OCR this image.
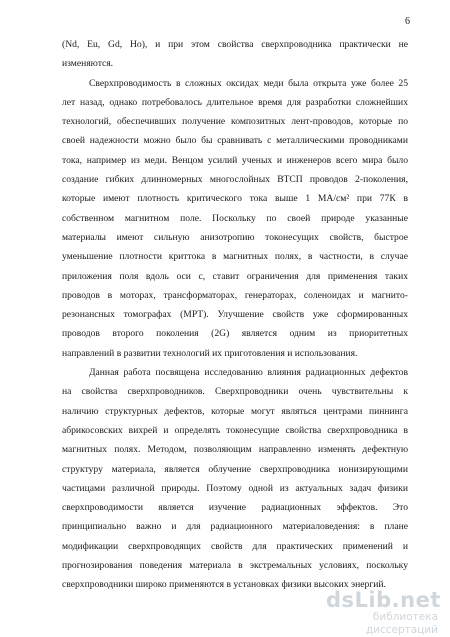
6
(Nd, Eu, Gd, Ho), и при этом свойства сверхпроводника практически не
изменяются.
Сверхпроводимость в сложных оксидах меди была открыта уже более 25
лет назад, однако потребовалось длительное время для разработки сложнейших
технологий, обеспечивших получение композитных лент-проводов, которые по
своей надежности можно было бы сравнивать с металлическими проводниками
тока, например из меди. Венцом усилий ученых и инженеров всего мира было
создание гибких длинномерных многослойных ВТСП проводов 2-поколения,
которые имеют плотность критического тока выше 1 MA/см² при 77К в
собственном магнитном поле. Поскольку по своей природе указанные
материалы имеют сильную анизотропию токонесущих свойств, быстрое
уменьшение плотности криттока в магнитных полях, в частности, в случае
приложения поля вдоль оси c, ставит ограничения для применения таких
проводов в моторах, трансформаторах, генераторах, соленоидах и магнито-
резонансных томографах (МРТ). Улучшение свойств уже сформированных
проводов второго поколения (2G) является одним из приоритетных
направлений в развитии технологий их приготовления и использования.
Данная работа посвящена исследованию влияния радиационных дефектов
на свойства сверхпроводников. Сверхпроводники очень чувствительны к
наличию структурных дефектов, которые могут являться центрами пиннинга
абрикосовских вихрей и определять токонесущие свойства сверхпроводника в
магнитных полях. Методом, позволяющим направленно изменять дефектную
структуру материала, является облучение сверхпроводника ионизирующими
частицами различной природы. Поэтому одной из актуальных задач физики
сверхпроводимости является изучение радиационных эффектов. Это
принципиально важно и для радиационного материаловедения: в плане
модификации сверхпроводящих свойств для практических применений и
прогнозирования поведения материала в экстремальных условиях, поскольку
сверхпроводники широко применяются в установках физики высоких энергий.
dsLib.net
библиотека диссертаций
